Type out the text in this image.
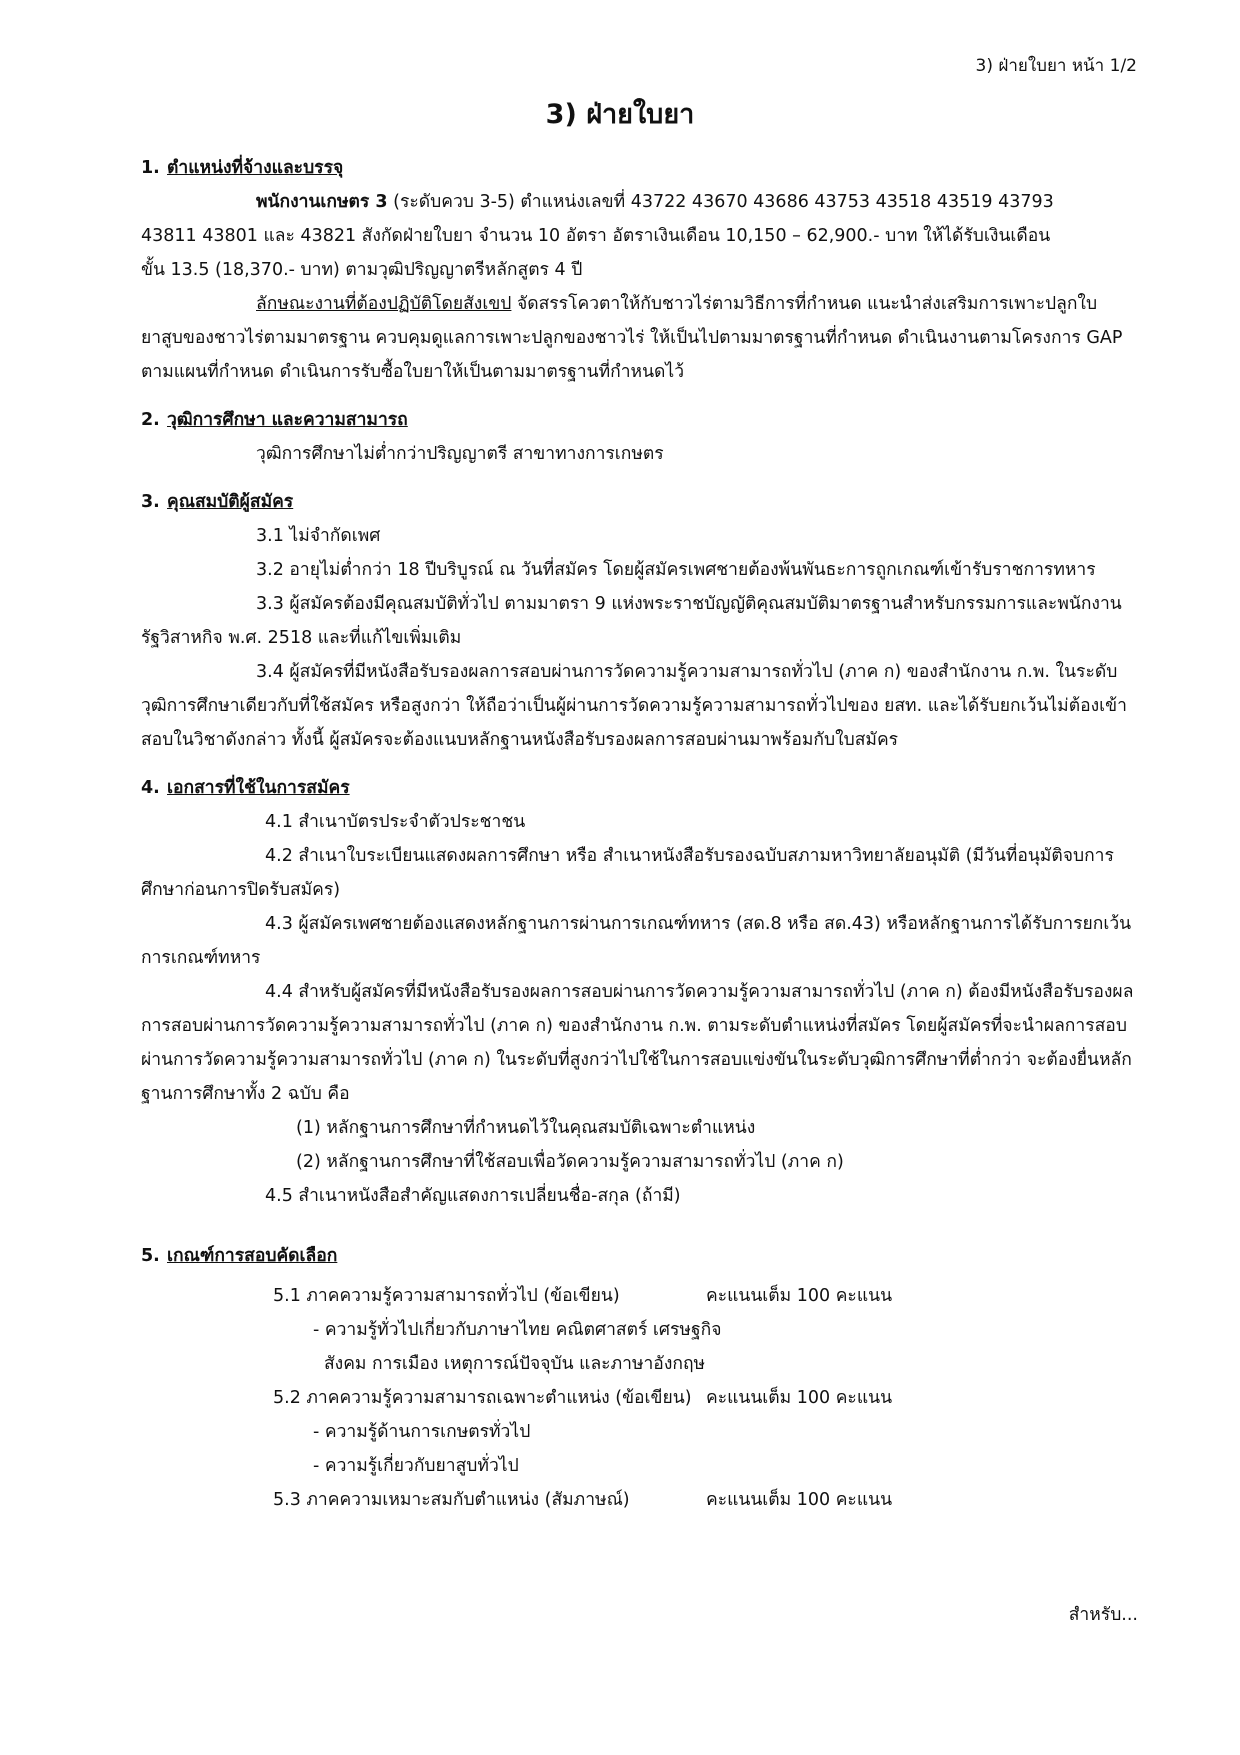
3) ฝ่ายใบยา หน้า 1/2
3) ฝ่ายใบยา

1. ตำแหน่งที่จ้างและบรรจุ

พนักงานเกษตร 3 (ระดับควบ 3-5) ตำแหน่งเลขที่ 43722 43670 43686 43753 43518 43519 43793

43811 43801 และ 43821 สังกัดฝ่ายใบยา จำนวน 10 อัตรา อัตราเงินเดือน 10,150 – 62,900.- บาท ให้ได้รับเงินเดือน

ขั้น 13.5 (18,370.- บาท) ตามวุฒิปริญญาตรีหลักสูตร 4 ปี

ลักษณะงานที่ต้องปฏิบัติโดยสังเขป จัดสรรโควตาให้กับชาวไร่ตามวิธีการที่กำหนด แนะนำส่งเสริมการเพาะปลูกใบยาสูบของชาวไร่ตามมาตรฐาน ควบคุมดูแลการเพาะปลูกของชาวไร่ ให้เป็นไปตามมาตรฐานที่กำหนด ดำเนินงานตามโครงการ GAP ตามแผนที่กำหนด ดำเนินการรับซื้อใบยาให้เป็นตามมาตรฐานที่กำหนดไว้

2. วุฒิการศึกษา และความสามารถ

วุฒิการศึกษาไม่ต่ำกว่าปริญญาตรี สาขาทางการเกษตร

3. คุณสมบัติผู้สมัคร

3.1 ไม่จำกัดเพศ

3.2 อายุไม่ต่ำกว่า 18 ปีบริบูรณ์ ณ วันที่สมัคร โดยผู้สมัครเพศชายต้องพ้นพันธะการถูกเกณฑ์เข้ารับราชการทหาร

3.3 ผู้สมัครต้องมีคุณสมบัติทั่วไป ตามมาตรา 9 แห่งพระราชบัญญัติคุณสมบัติมาตรฐานสำหรับกรรมการและพนักงานรัฐวิสาหกิจ พ.ศ. 2518 และที่แก้ไขเพิ่มเติม

3.4 ผู้สมัครที่มีหนังสือรับรองผลการสอบผ่านการวัดความรู้ความสามารถทั่วไป (ภาค ก) ของสำนักงาน ก.พ. ในระดับวุฒิการศึกษาเดียวกับที่ใช้สมัคร หรือสูงกว่า ให้ถือว่าเป็นผู้ผ่านการวัดความรู้ความสามารถทั่วไปของ ยสท. และได้รับยกเว้นไม่ต้องเข้าสอบในวิชาดังกล่าว ทั้งนี้ ผู้สมัครจะต้องแนบหลักฐานหนังสือรับรองผลการสอบผ่านมาพร้อมกับใบสมัคร

4. เอกสารที่ใช้ในการสมัคร

4.1 สำเนาบัตรประจำตัวประชาชน

4.2 สำเนาใบระเบียนแสดงผลการศึกษา หรือ สำเนาหนังสือรับรองฉบับสภามหาวิทยาลัยอนุมัติ (มีวันที่อนุมัติจบการศึกษาก่อนการปิดรับสมัคร)

4.3 ผู้สมัครเพศชายต้องแสดงหลักฐานการผ่านการเกณฑ์ทหาร (สด.8 หรือ สด.43) หรือหลักฐานการได้รับการยกเว้นการเกณฑ์ทหาร

4.4 สำหรับผู้สมัครที่มีหนังสือรับรองผลการสอบผ่านการวัดความรู้ความสามารถทั่วไป (ภาค ก) ต้องมีหนังสือรับรองผลการสอบผ่านการวัดความรู้ความสามารถทั่วไป (ภาค ก) ของสำนักงาน ก.พ. ตามระดับตำแหน่งที่สมัคร โดยผู้สมัครที่จะนำผลการสอบผ่านการวัดความรู้ความสามารถทั่วไป (ภาค ก) ในระดับที่สูงกว่าไปใช้ในการสอบแข่งขันในระดับวุฒิการศึกษาที่ต่ำกว่า จะต้องยื่นหลักฐานการศึกษาทั้ง 2 ฉบับ คือ

(1) หลักฐานการศึกษาที่กำหนดไว้ในคุณสมบัติเฉพาะตำแหน่ง

(2) หลักฐานการศึกษาที่ใช้สอบเพื่อวัดความรู้ความสามารถทั่วไป (ภาค ก)

4.5 สำเนาหนังสือสำคัญแสดงการเปลี่ยนชื่อ-สกุล (ถ้ามี)

5. เกณฑ์การสอบคัดเลือก

5.1 ภาคความรู้ความสามารถทั่วไป (ข้อเขียน)	คะแนนเต็ม 100 คะแนน

- ความรู้ทั่วไปเกี่ยวกับภาษาไทย คณิตศาสตร์ เศรษฐกิจ

สังคม การเมือง เหตุการณ์ปัจจุบัน และภาษาอังกฤษ

5.2 ภาคความรู้ความสามารถเฉพาะตำแหน่ง (ข้อเขียน) คะแนนเต็ม 100 คะแนน

- ความรู้ด้านการเกษตรทั่วไป

- ความรู้เกี่ยวกับยาสูบทั่วไป

5.3 ภาคความเหมาะสมกับตำแหน่ง (สัมภาษณ์)	คะแนนเต็ม 100 คะแนน
สำหรับ...
